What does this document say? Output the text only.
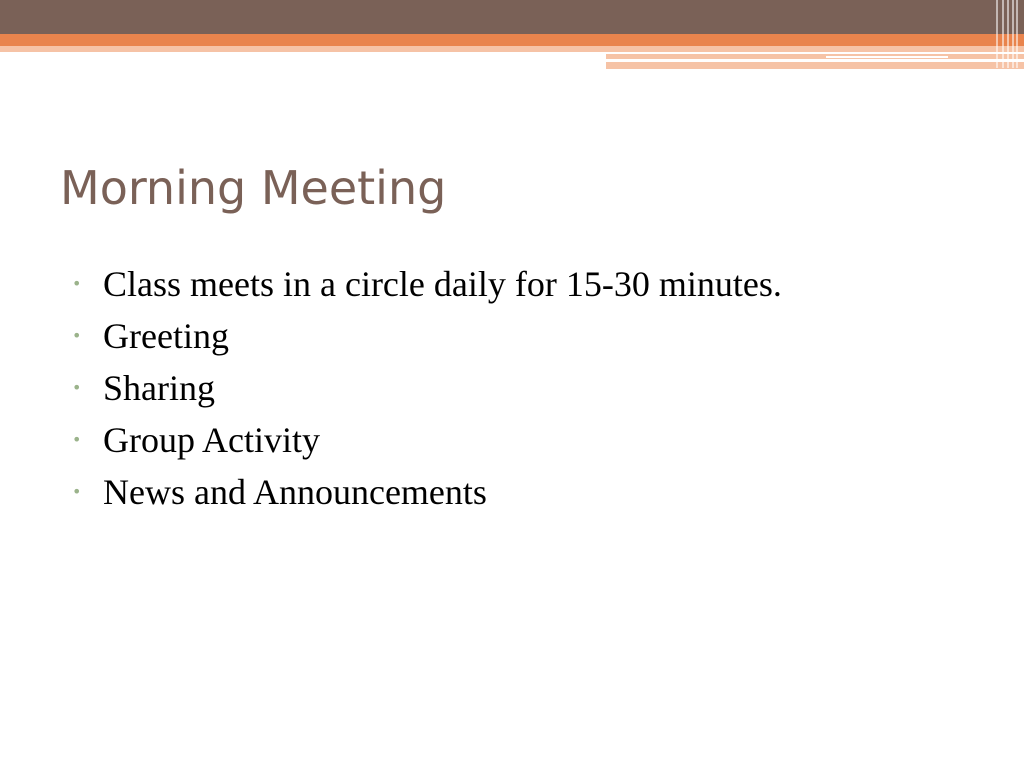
Morning Meeting
• Class meets in a circle daily for 15-30 minutes.
• Greeting
• Sharing
• Group Activity
• News and Announcements
